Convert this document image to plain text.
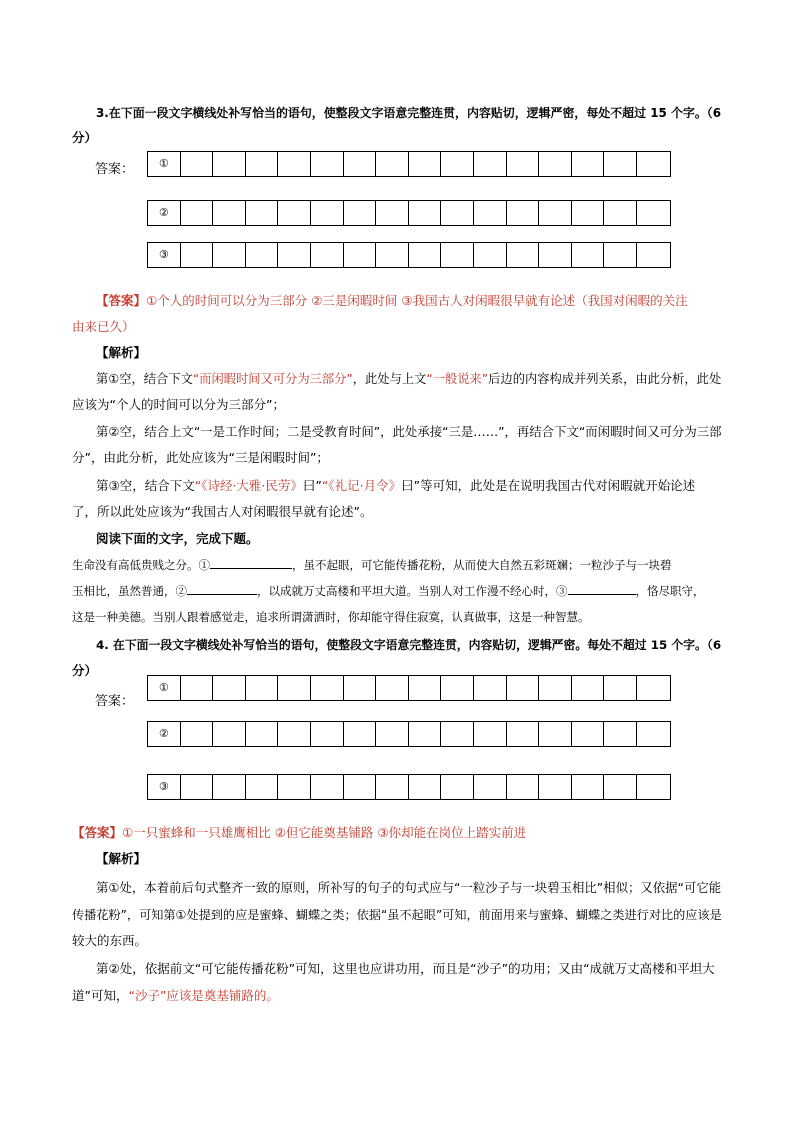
3.在下面一段文字横线处补写恰当的语句，使整段文字语意完整连贯，内容贴切，逻辑严密，每处不超过 15 个字。（6
分）
答案：	①
②
③
【答案】①个人的时间可以分为三部分 ②三是闲暇时间 ③我国古人对闲暇很早就有论述（我国对闲暇的关注
由来已久）
【解析】
第①空，结合下文“而闲暇时间又可分为三部分”，此处与上文“一般说来”后边的内容构成并列关系，由此分析，此处
应该为“个人的时间可以分为三部分”；
第②空，结合上文“一是工作时间；二是受教育时间”，此处承接“三是……”，再结合下文“而闲暇时间又可分为三部
分”，由此分析，此处应该为“三是闲暇时间”；
第③空，结合下文“《诗经·大雅·民劳》曰”“《礼记·月令》曰”等可知，此处是在说明我国古代对闲暇就开始论述
了，所以此处应该为“我国古人对闲暇很早就有论述”。
阅读下面的文字，完成下题。
生命没有高低贵贱之分。①	，虽不起眼，可它能传播花粉，从而使大自然五彩斑斓；一粒沙子与一块碧
玉相比，虽然普通，②	，以成就万丈高楼和平坦大道。当别人对工作漫不经心时，③	，恪尽职守，
这是一种美德。当别人跟着感觉走，追求所谓潇洒时，你却能守得住寂寞，认真做事，这是一种智慧。
4. 在下面一段文字横线处补写恰当的语句，使整段文字语意完整连贯，内容贴切，逻辑严密。每处不超过 15 个字。（6
分）
答案：
①
②
③
【答案】①一只蜜蜂和一只雄鹰相比 ②但它能奠基铺路 ③你却能在岗位上踏实前进
【解析】
第①处，本着前后句式整齐一致的原则，所补写的句子的句式应与“一粒沙子与一块碧玉相比”相似；又依据“可它能
传播花粉”，可知第①处提到的应是蜜蜂、蝴蝶之类；依据“虽不起眼”可知，前面用来与蜜蜂、蝴蝶之类进行对比的应该是
较大的东西。
第②处，依据前文“可它能传播花粉”可知，这里也应讲功用，而且是“沙子”的功用；又由“成就万丈高楼和平坦大
道”可知，“沙子”应该是奠基铺路的。
